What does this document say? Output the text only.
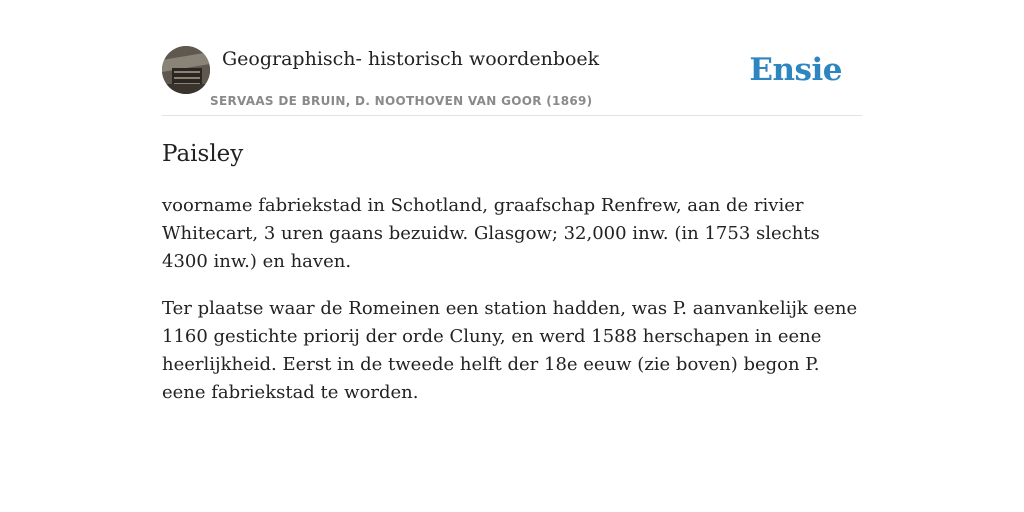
Geographisch- historisch woordenboek
SERVAAS DE BRUIN, D. NOOTHOVEN VAN GOOR (1869)
Ensie
Paisley

voorname fabriekstad in Schotland, graafschap Renfrew, aan de rivier Whitecart, 3 uren gaans bezuidw. Glasgow; 32,000 inw. (in 1753 slechts 4300 inw.) en haven.

Ter plaatse waar de Romeinen een station hadden, was P. aanvankelijk eene 1160 gestichte priorij der orde Cluny, en werd 1588 herschapen in eene heerlijkheid. Eerst in de tweede helft der 18e eeuw (zie boven) begon P. eene fabriekstad te worden.
